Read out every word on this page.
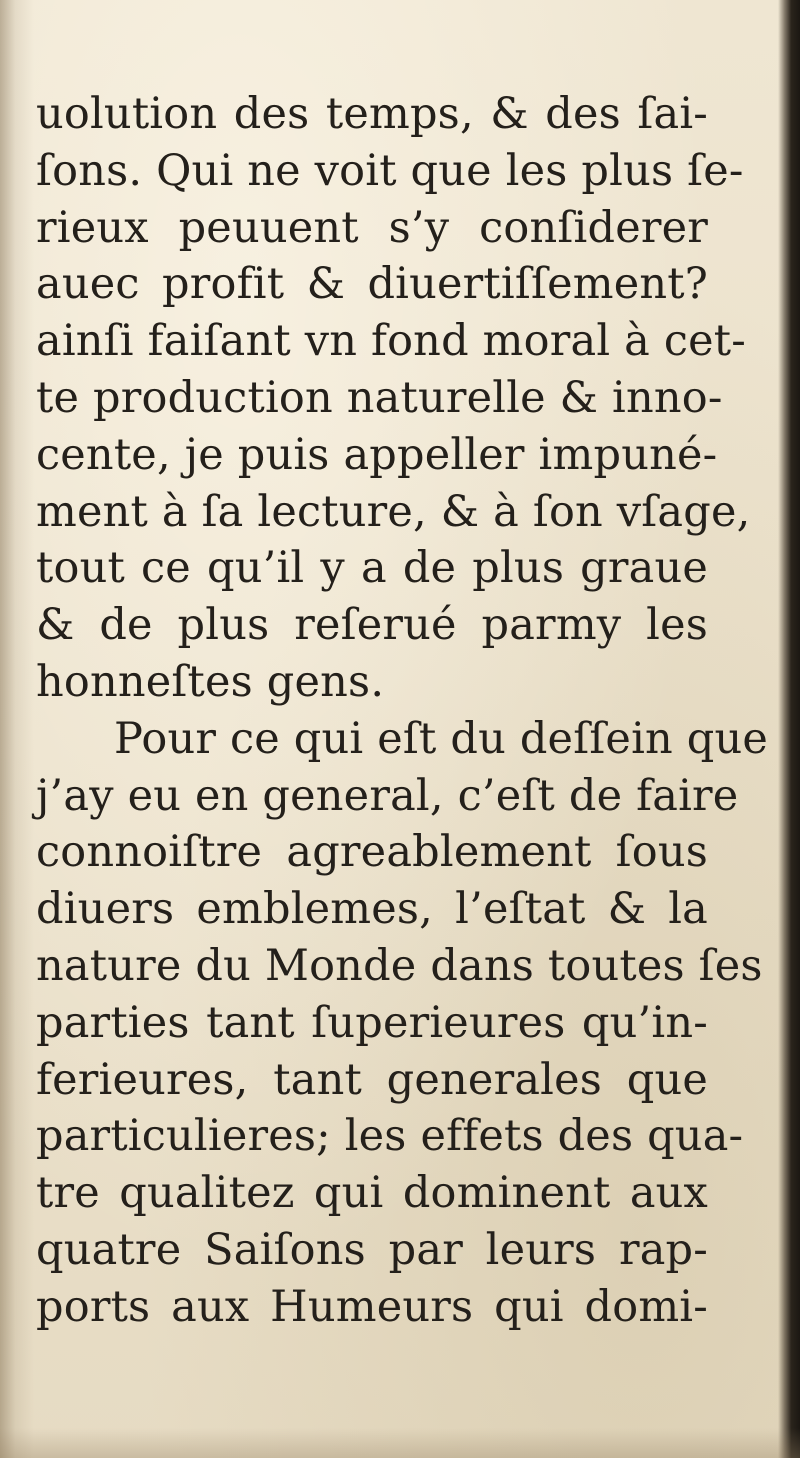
uolution des temps, & des ſai-
ſons. Qui ne voit que les plus ſe-
rieux peuuent s’y conſiderer
auec profit & diuertiſſement?
ainſi faiſant vn fond moral à cet-
te production naturelle & inno-
cente, je puis appeller impuné-
ment à ſa lecture, & à ſon vſage,
tout ce qu’il y a de plus graue
& de plus reſerué parmy les
honneſtes gens.
Pour ce qui eſt du deſſein que
j’ay eu en general, c’eſt de faire
connoiſtre agreablement ſous
diuers emblemes, l’eſtat & la
nature du Monde dans toutes ſes
parties tant ſuperieures qu’in-
ferieures, tant generales que
particulieres; les effets des qua-
tre qualitez qui dominent aux
quatre Saiſons par leurs rap-
ports aux Humeurs qui domi-
